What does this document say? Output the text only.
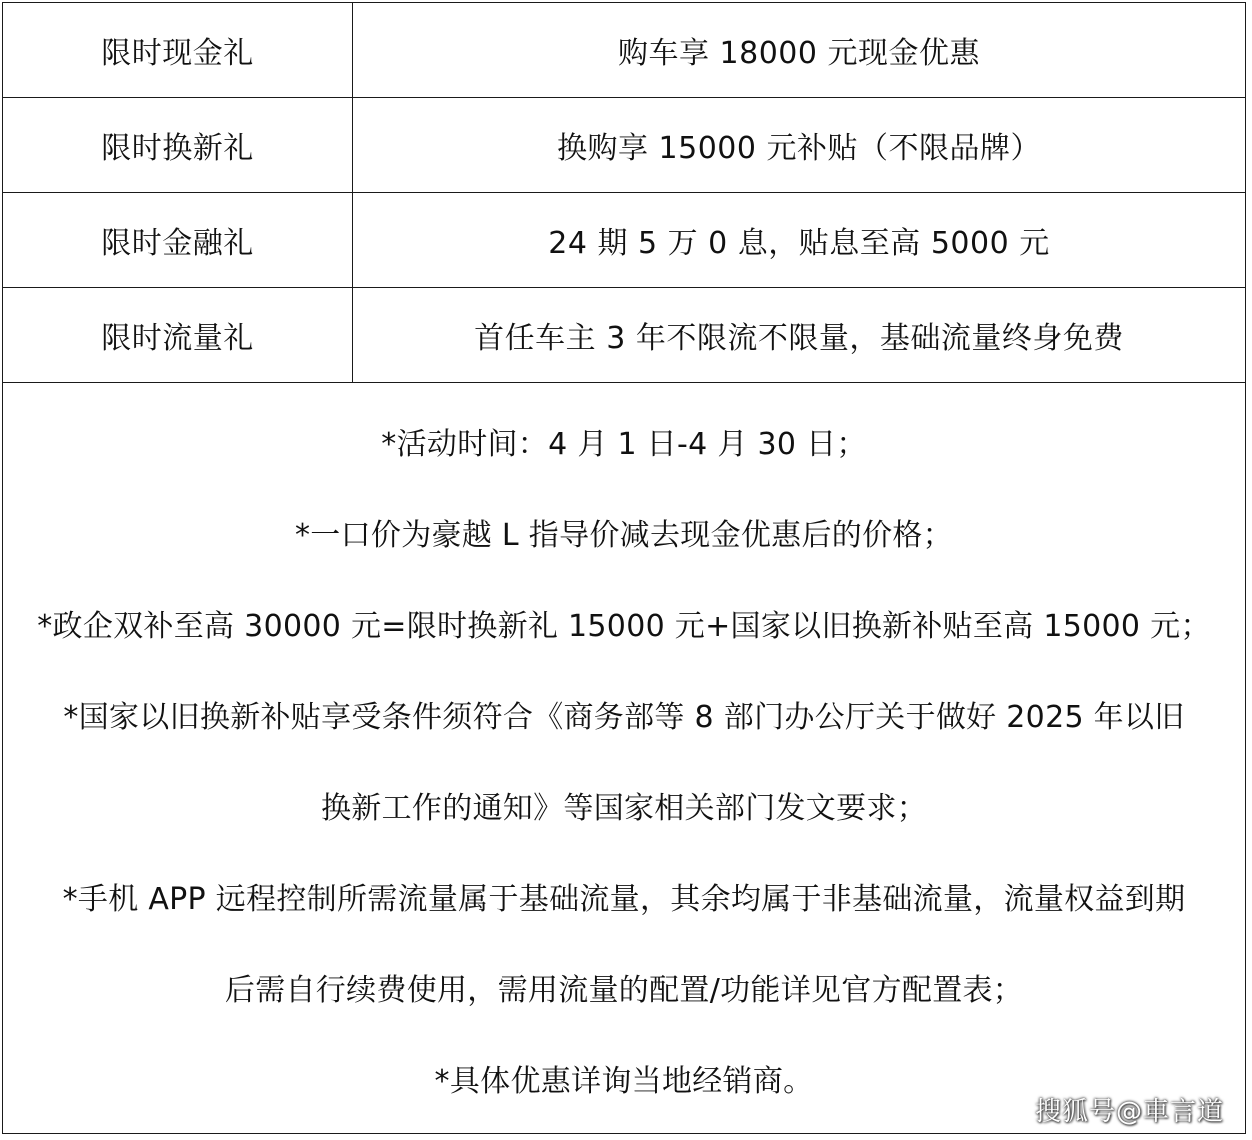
限时现金礼	购车享 18000 元现金优惠
限时换新礼	换购享 15000 元补贴（不限品牌）
限时金融礼	24 期 5 万 0 息，贴息至高 5000 元
限时流量礼	首任车主 3 年不限流不限量，基础流量终身免费
*活动时间：4 月 1 日-4 月 30 日；
*一口价为豪越 L 指导价减去现金优惠后的价格；
*政企双补至高 30000 元=限时换新礼 15000 元+国家以旧换新补贴至高 15000 元；
*国家以旧换新补贴享受条件须符合《商务部等 8 部门办公厅关于做好 2025 年以旧
换新工作的通知》等国家相关部门发文要求；
*手机 APP 远程控制所需流量属于基础流量，其余均属于非基础流量，流量权益到期
后需自行续费使用，需用流量的配置/功能详见官方配置表；
*具体优惠详询当地经销商。
搜狐号@車言道
